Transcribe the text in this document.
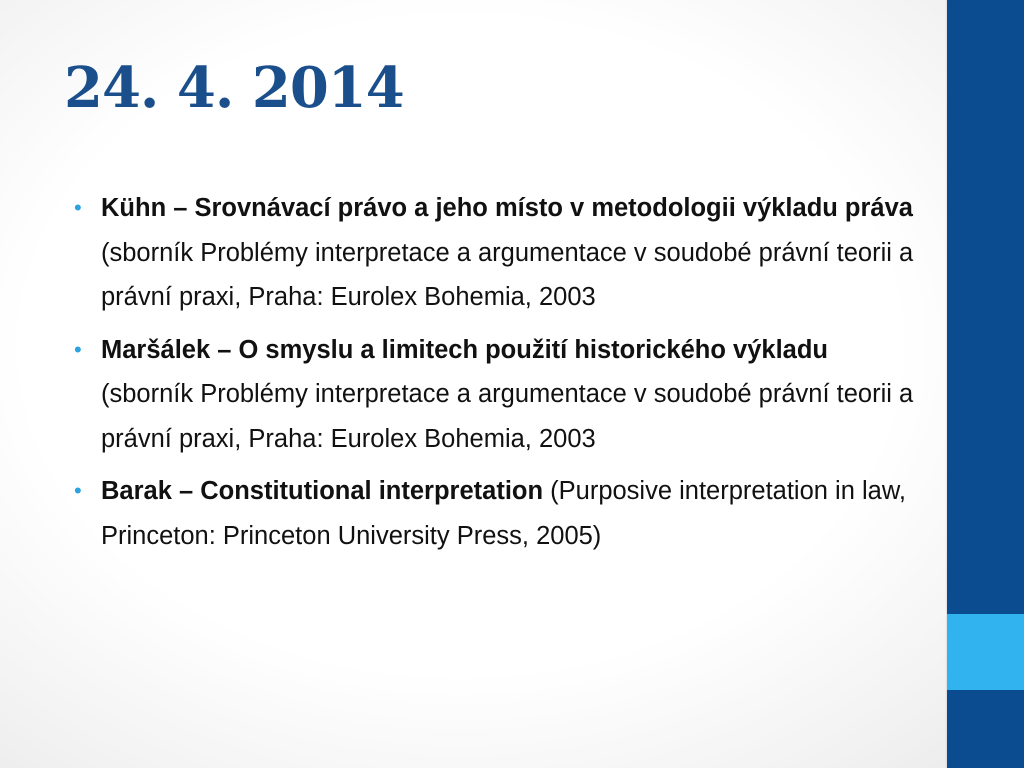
24. 4. 2014
• Kühn – Srovnávací právo a jeho místo v metodologii výkladu práva (sborník Problémy interpretace a argumentace v soudobé právní teorii a právní praxi, Praha: Eurolex Bohemia, 2003
• Maršálek – O smyslu a limitech použití historického výkladu (sborník Problémy interpretace a argumentace v soudobé právní teorii a právní praxi, Praha: Eurolex Bohemia, 2003
• Barak – Constitutional interpretation (Purposive interpretation in law, Princeton: Princeton University Press, 2005)
